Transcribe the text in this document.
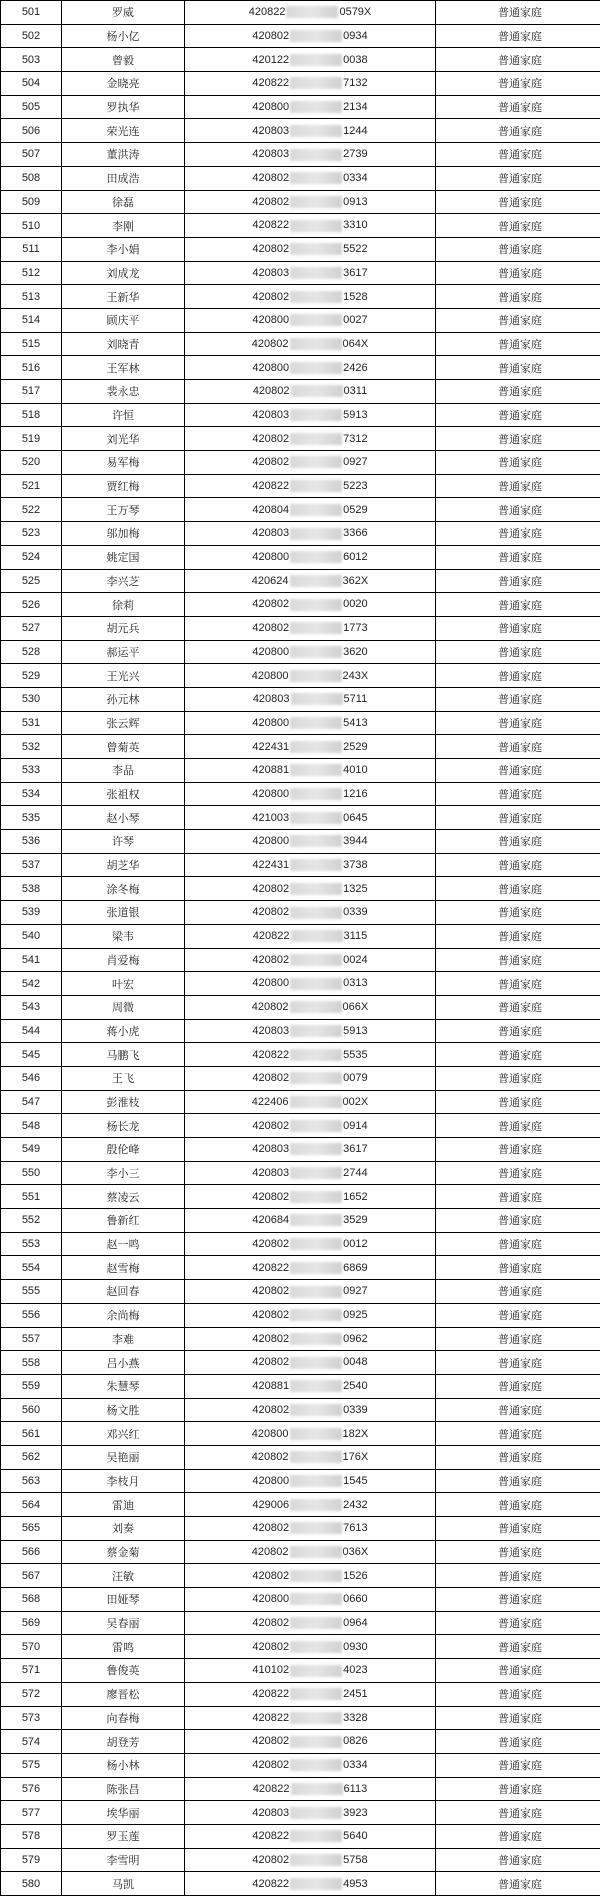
501	罗威	420822 0579X	普通家庭
502	杨小亿	420802 0934	普通家庭
503	曾毅	420122 0038	普通家庭
504	金晓亮	420822 7132	普通家庭
505	罗执华	420800 2134	普通家庭
506	荣光连	420803 1244	普通家庭
507	董洪涛	420803 2739	普通家庭
508	田成浩	420802 0334	普通家庭
509	徐磊	420802 0913	普通家庭
510	李刚	420822 3310	普通家庭
511	李小娟	420802 5522	普通家庭
512	刘成龙	420803 3617	普通家庭
513	王新华	420802 1528	普通家庭
514	顾庆平	420800 0027	普通家庭
515	刘晓青	420802 064X	普通家庭
516	王军林	420800 2426	普通家庭
517	裴永忠	420802 0311	普通家庭
518	许恒	420803 5913	普通家庭
519	刘光华	420802 7312	普通家庭
520	易军梅	420802 0927	普通家庭
521	贾红梅	420822 5223	普通家庭
522	王万琴	420804 0529	普通家庭
523	邬加梅	420803 3366	普通家庭
524	姚定国	420800 6012	普通家庭
525	李兴芝	420624 362X	普通家庭
526	徐莉	420802 0020	普通家庭
527	胡元兵	420802 1773	普通家庭
528	郝运平	420800 3620	普通家庭
529	王光兴	420800 243X	普通家庭
530	孙元林	420803 5711	普通家庭
531	张云辉	420800 5413	普通家庭
532	曾菊英	422431 2529	普通家庭
533	李品	420881 4010	普通家庭
534	张祖权	420800 1216	普通家庭
535	赵小琴	421003 0645	普通家庭
536	许琴	420800 3944	普通家庭
537	胡芝华	422431 3738	普通家庭
538	涂冬梅	420802 1325	普通家庭
539	张道银	420802 0339	普通家庭
540	梁韦	420822 3115	普通家庭
541	肖爱梅	420802 0024	普通家庭
542	叶宏	420800 0313	普通家庭
543	周微	420802 066X	普通家庭
544	蒋小虎	420803 5913	普通家庭
545	马鹏飞	420822 5535	普通家庭
546	王飞	420802 0079	普通家庭
547	彭淮枝	422406 002X	普通家庭
548	杨长龙	420802 0914	普通家庭
549	殷伦峰	420803 3617	普通家庭
550	李小三	420803 2744	普通家庭
551	蔡凌云	420802 1652	普通家庭
552	鲁新红	420684 3529	普通家庭
553	赵一鸣	420802 0012	普通家庭
554	赵雪梅	420822 6869	普通家庭
555	赵回春	420802 0927	普通家庭
556	余尚梅	420802 0925	普通家庭
557	李难	420802 0962	普通家庭
558	吕小燕	420802 0048	普通家庭
559	朱慧琴	420881 2540	普通家庭
560	杨文胜	420802 0339	普通家庭
561	邓兴红	420800 182X	普通家庭
562	吴艳丽	420802 176X	普通家庭
563	李枝月	420800 1545	普通家庭
564	雷迪	429006 2432	普通家庭
565	刘奏	420802 7613	普通家庭
566	蔡金菊	420802 036X	普通家庭
567	汪敏	420802 1526	普通家庭
568	田娅琴	420800 0660	普通家庭
569	吴春丽	420802 0964	普通家庭
570	雷鸣	420802 0930	普通家庭
571	鲁俊英	410102 4023	普通家庭
572	廖晋松	420822 2451	普通家庭
573	向春梅	420822 3328	普通家庭
574	胡登芳	420802 0826	普通家庭
575	杨小林	420802 0334	普通家庭
576	陈张昌	420822 6113	普通家庭
577	埃华丽	420803 3923	普通家庭
578	罗玉莲	420822 5640	普通家庭
579	李雪明	420802 5758	普通家庭
580	马凯	420822 4953	普通家庭
